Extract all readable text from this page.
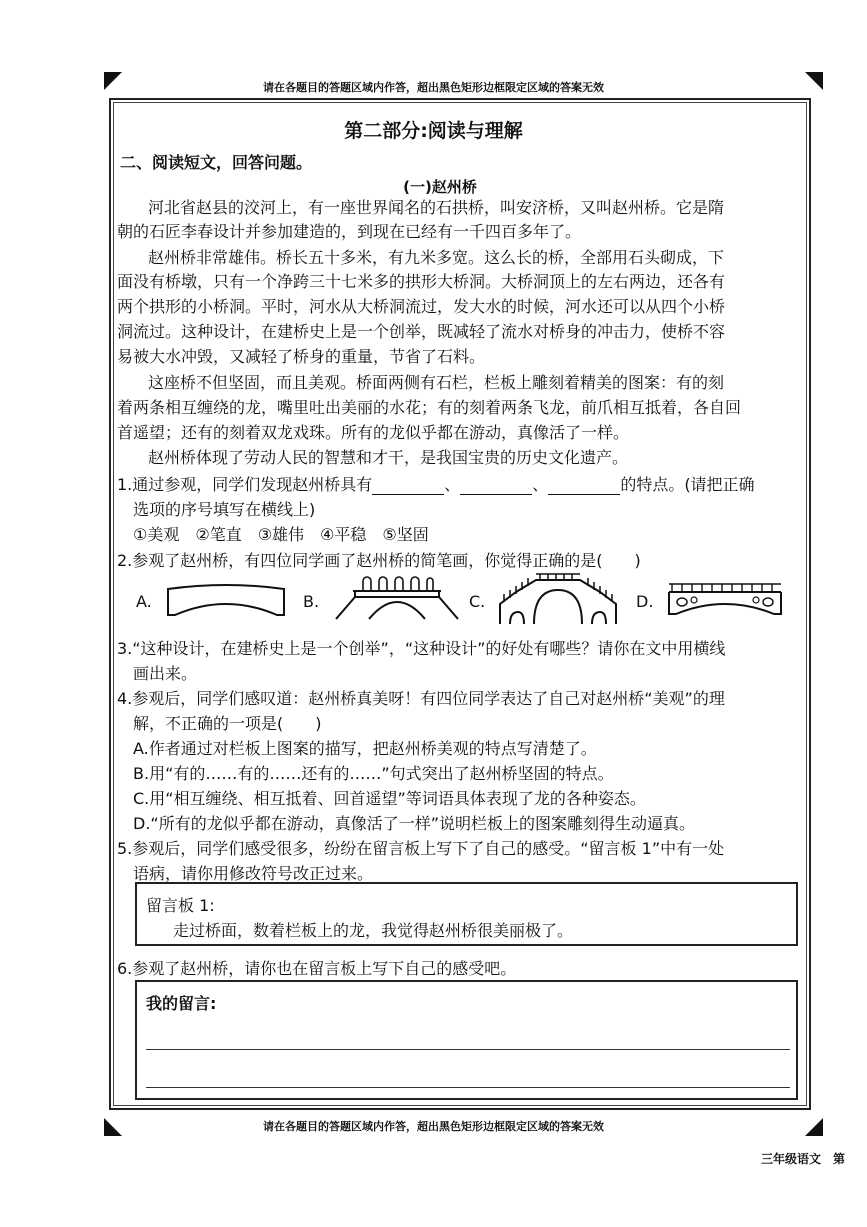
请在各题目的答题区域内作答，超出黑色矩形边框限定区域的答案无效
请在各题目的答题区域内作答，超出黑色矩形边框限定区域的答案无效
第二部分:阅读与理解
二、阅读短文，回答问题。
(一)赵州桥
河北省赵县的洨河上，有一座世界闻名的石拱桥，叫安济桥，又叫赵州桥。它是隋
朝的石匠李春设计并参加建造的，到现在已经有一千四百多年了。
赵州桥非常雄伟。桥长五十多米，有九米多宽。这么长的桥，全部用石头砌成，下
面没有桥墩，只有一个净跨三十七米多的拱形大桥洞。大桥洞顶上的左右两边，还各有
两个拱形的小桥洞。平时，河水从大桥洞流过，发大水的时候，河水还可以从四个小桥
洞流过。这种设计，在建桥史上是一个创举，既减轻了流水对桥身的冲击力，使桥不容
易被大水冲毁，又减轻了桥身的重量，节省了石料。
这座桥不但坚固，而且美观。桥面两侧有石栏，栏板上雕刻着精美的图案：有的刻
着两条相互缠绕的龙，嘴里吐出美丽的水花；有的刻着两条飞龙，前爪相互抵着，各自回
首遥望；还有的刻着双龙戏珠。所有的龙似乎都在游动，真像活了一样。
赵州桥体现了劳动人民的智慧和才干，是我国宝贵的历史文化遗产。
1.通过参观，同学们发现赵州桥具有	、	、	的特点。(请把正确
选项的序号填写在横线上)
①美观　②笔直　③雄伟　④平稳　⑤坚固
2.参观了赵州桥，有四位同学画了赵州桥的简笔画，你觉得正确的是(　　)
A.	B.	C.	D.
3.“这种设计，在建桥史上是一个创举”，“这种设计”的好处有哪些？请你在文中用横线
画出来。
4.参观后，同学们感叹道：赵州桥真美呀！有四位同学表达了自己对赵州桥“美观”的理
解，不正确的一项是(　　)
A.作者通过对栏板上图案的描写，把赵州桥美观的特点写清楚了。
B.用“有的……有的……还有的……”句式突出了赵州桥坚固的特点。
C.用“相互缠绕、相互抵着、回首遥望”等词语具体表现了龙的各种姿态。
D.“所有的龙似乎都在游动，真像活了一样”说明栏板上的图案雕刻得生动逼真。
5.参观后，同学们感受很多，纷纷在留言板上写下了自己的感受。“留言板 1”中有一处
语病，请你用修改符号改正过来。
留言板 1:
走过桥面，数着栏板上的龙，我觉得赵州桥很美丽极了。
6.参观了赵州桥，请你也在留言板上写下自己的感受吧。
我的留言:
三年级语文　第
